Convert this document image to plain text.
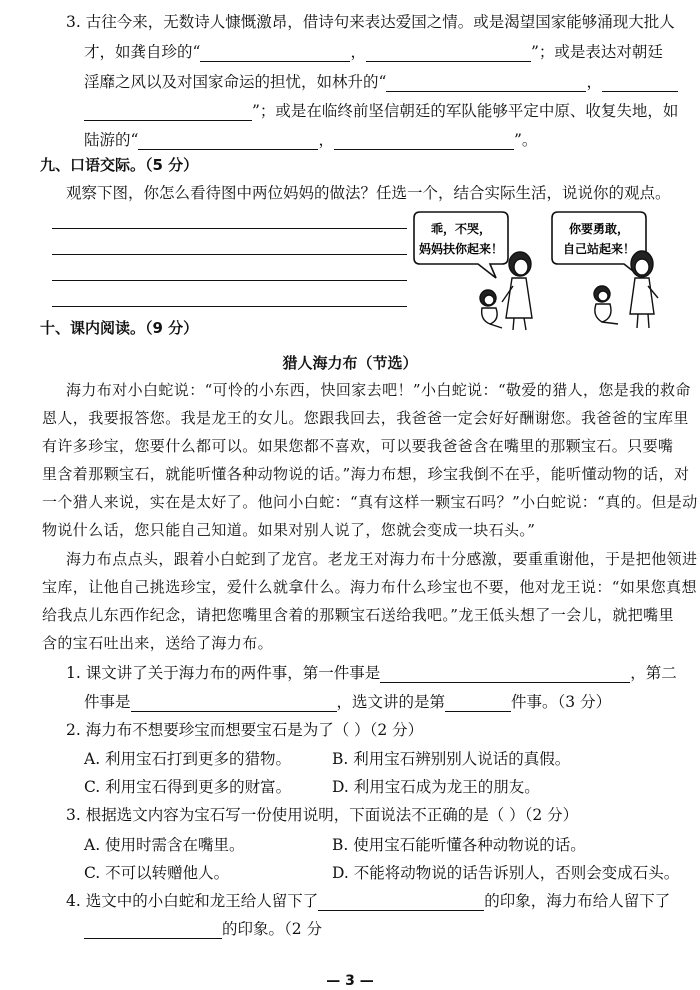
3. 古往今来，无数诗人慷慨激昂，借诗句来表达爱国之情。或是渴望国家能够涌现大批人
才，如龚自珍的“	，	”；或是表达对朝廷
淫靡之风以及对国家命运的担忧，如林升的“	，
”；或是在临终前坚信朝廷的军队能够平定中原、收复失地，如
陆游的“	，	”。
九、口语交际。（5 分）
观察下图，你怎么看待图中两位妈妈的做法？任选一个，结合实际生活，说说你的观点。
乖，不哭，
妈妈扶你起来！
你要勇敢，
自己站起来！
十、课内阅读。（9 分）
猎人海力布（节选）
海力布对小白蛇说：“可怜的小东西，快回家去吧！”小白蛇说：“敬爱的猎人，您是我的救命
恩人，我要报答您。我是龙王的女儿。您跟我回去，我爸爸一定会好好酬谢您。我爸爸的宝库里
有许多珍宝，您要什么都可以。如果您都不喜欢，可以要我爸爸含在嘴里的那颗宝石。只要嘴
里含着那颗宝石，就能听懂各种动物说的话。”海力布想，珍宝我倒不在乎，能听懂动物的话，对
一个猎人来说，实在是太好了。他问小白蛇：“真有这样一颗宝石吗？”小白蛇说：“真的。但是动
物说什么话，您只能自己知道。如果对别人说了，您就会变成一块石头。”
海力布点点头，跟着小白蛇到了龙宫。老龙王对海力布十分感激，要重重谢他，于是把他领进
宝库，让他自己挑选珍宝，爱什么就拿什么。海力布什么珍宝也不要，他对龙王说：“如果您真想
给我点儿东西作纪念，请把您嘴里含着的那颗宝石送给我吧。”龙王低头想了一会儿，就把嘴里
含的宝石吐出来，送给了海力布。
1. 课文讲了关于海力布的两件事，第一件事是	，第二
件事是	，选文讲的是第	件事。（3 分）
2. 海力布不想要珍宝而想要宝石是为了（ ）（2 分）
A. 利用宝石打到更多的猎物。	B. 利用宝石辨别别人说话的真假。
C. 利用宝石得到更多的财富。	D. 利用宝石成为龙王的朋友。
3. 根据选文内容为宝石写一份使用说明，下面说法不正确的是（ ）（2 分）
A. 使用时需含在嘴里。	B. 使用宝石能听懂各种动物说的话。
C. 不可以转赠他人。	D. 不能将动物说的话告诉别人，否则会变成石头。
4. 选文中的小白蛇和龙王给人留下了	的印象，海力布给人留下了
的印象。（2 分
— 3 —
